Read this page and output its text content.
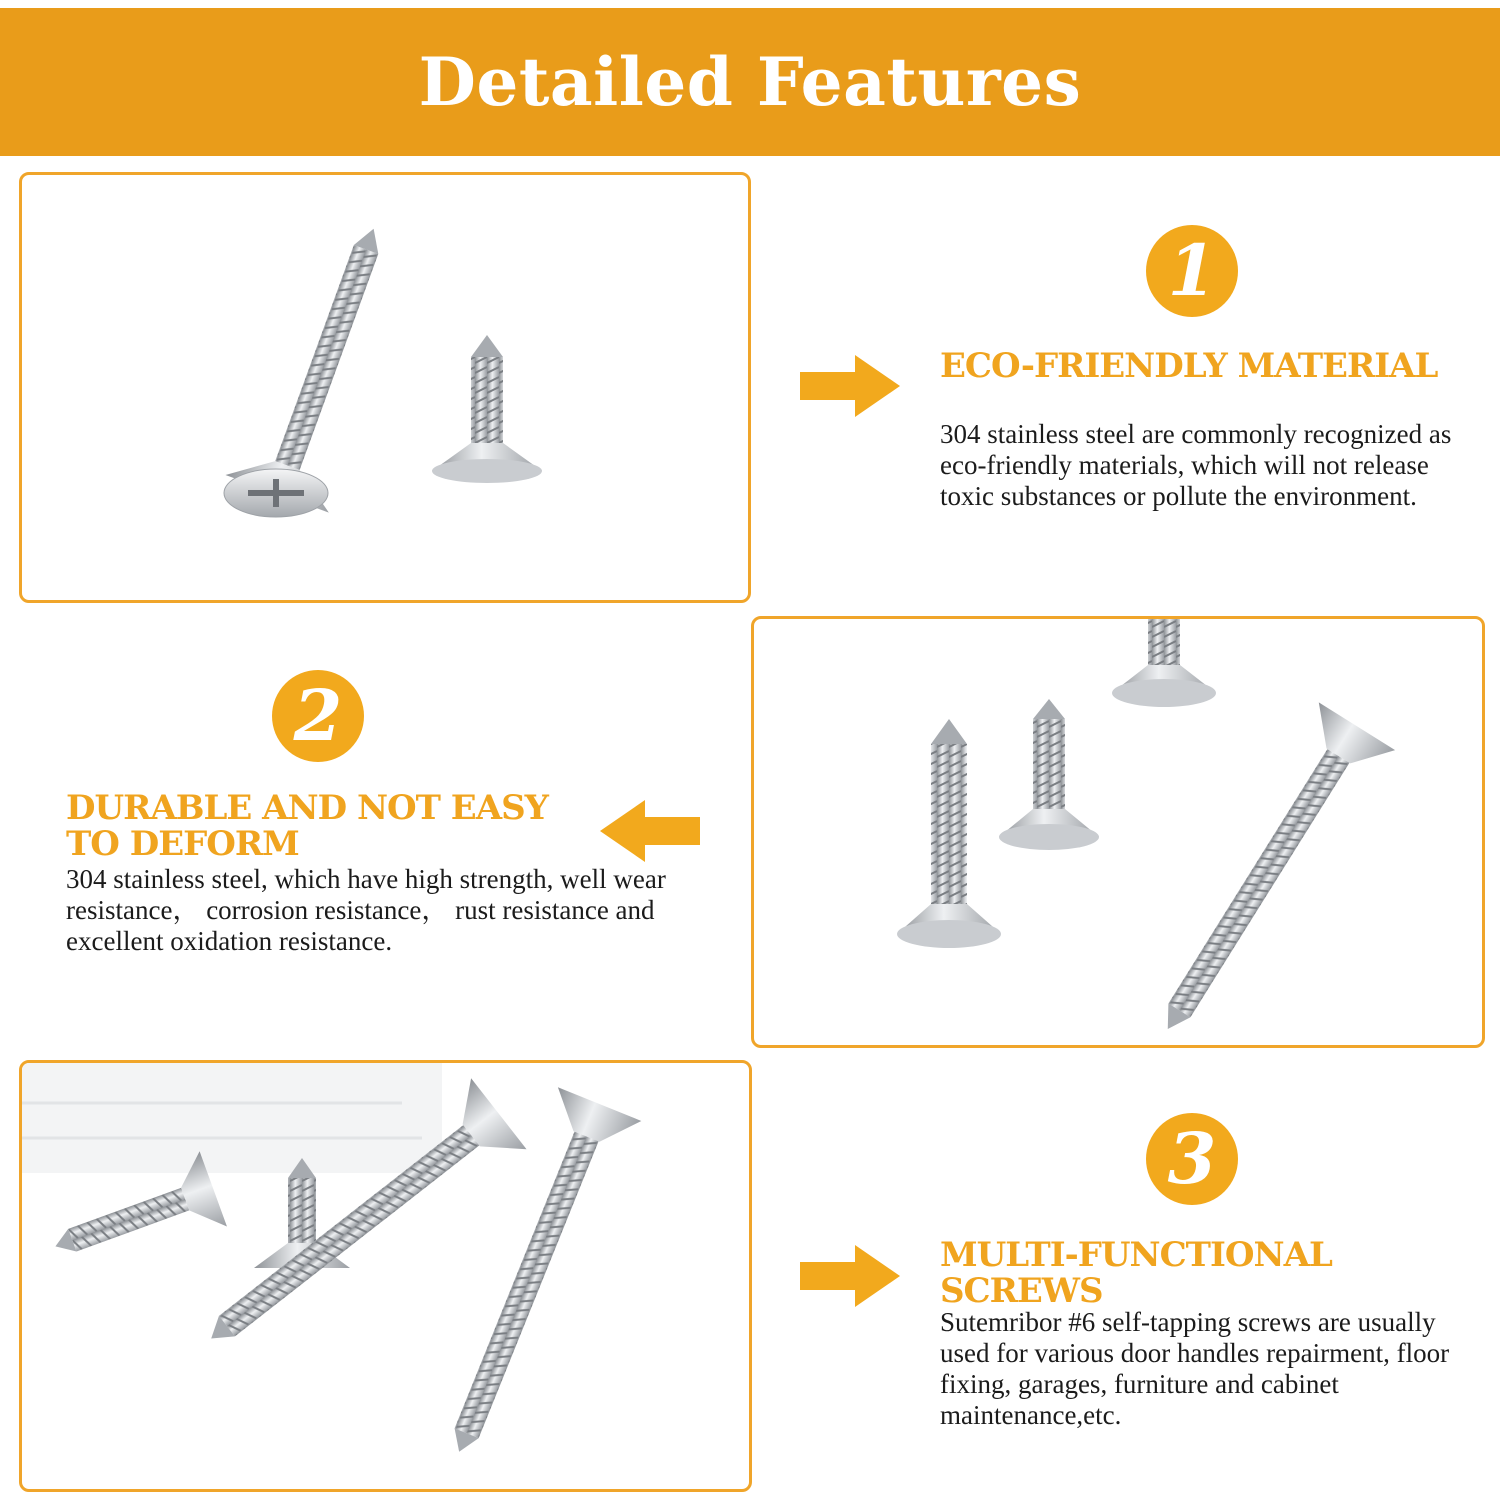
Detailed Features
1
ECO-FRIENDLY MATERIAL

304 stainless steel are commonly recognized as eco-friendly materials, which will not release toxic substances or pollute the environment.

2
DURABLE AND NOT EASY TO DEFORM

304 stainless steel, which have high strength, well wear resistance， corrosion resistance， rust resistance and excellent oxidation resistance.

3
MULTI-FUNCTIONAL SCREWS

Sutemribor #6 self-tapping screws are usually used for various door handles repairment, floor fixing, garages, furniture and cabinet maintenance,etc.
